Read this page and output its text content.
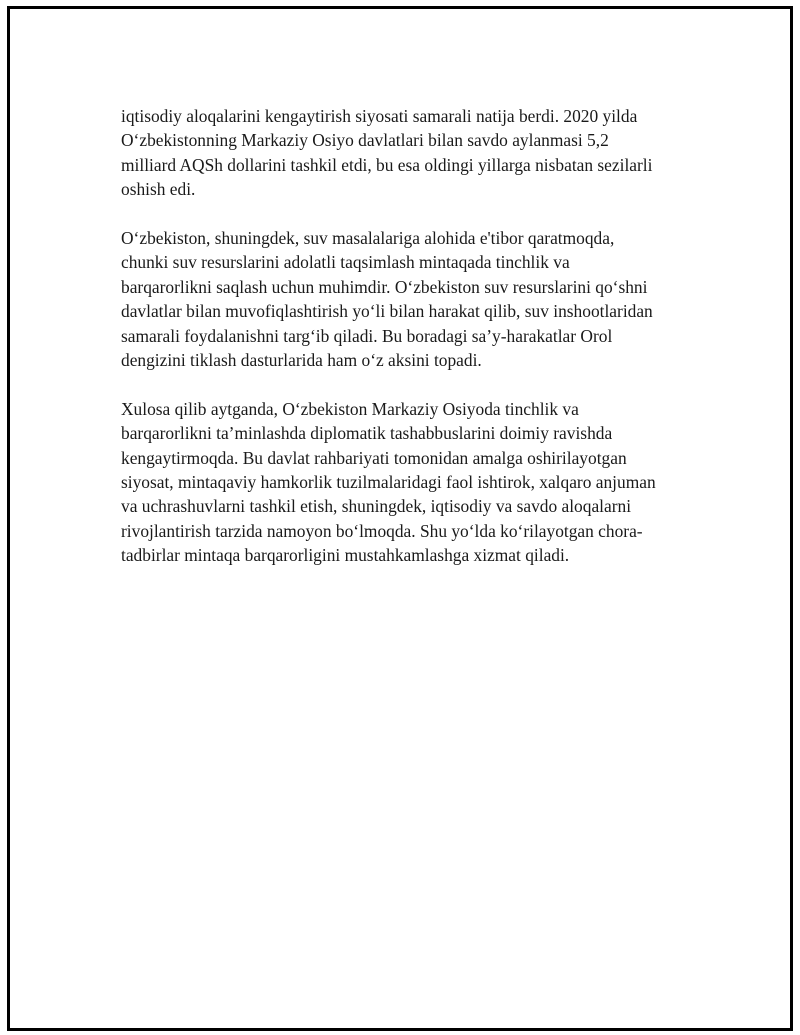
iqtisodiy aloqalarini kengaytirish siyosati samarali natija berdi. 2020 yilda
O‘zbekistonning Markaziy Osiyo davlatlari bilan savdo aylanmasi 5,2
milliard AQSh dollarini tashkil etdi, bu esa oldingi yillarga nisbatan sezilarli
oshish edi.

O‘zbekiston, shuningdek, suv masalalariga alohida e'tibor qaratmoqda,
chunki suv resurslarini adolatli taqsimlash mintaqada tinchlik va
barqarorlikni saqlash uchun muhimdir. O‘zbekiston suv resurslarini qo‘shni
davlatlar bilan muvofiqlashtirish yo‘li bilan harakat qilib, suv inshootlaridan
samarali foydalanishni targ‘ib qiladi. Bu boradagi sa’y-harakatlar Orol
dengizini tiklash dasturlarida ham o‘z aksini topadi.

Xulosa qilib aytganda, O‘zbekiston Markaziy Osiyoda tinchlik va
barqarorlikni ta’minlashda diplomatik tashabbuslarini doimiy ravishda
kengaytirmoqda. Bu davlat rahbariyati tomonidan amalga oshirilayotgan
siyosat, mintaqaviy hamkorlik tuzilmalaridagi faol ishtirok, xalqaro anjuman
va uchrashuvlarni tashkil etish, shuningdek, iqtisodiy va savdo aloqalarni
rivojlantirish tarzida namoyon bo‘lmoqda. Shu yo‘lda ko‘rilayotgan chora-
tadbirlar mintaqa barqarorligini mustahkamlashga xizmat qiladi.
